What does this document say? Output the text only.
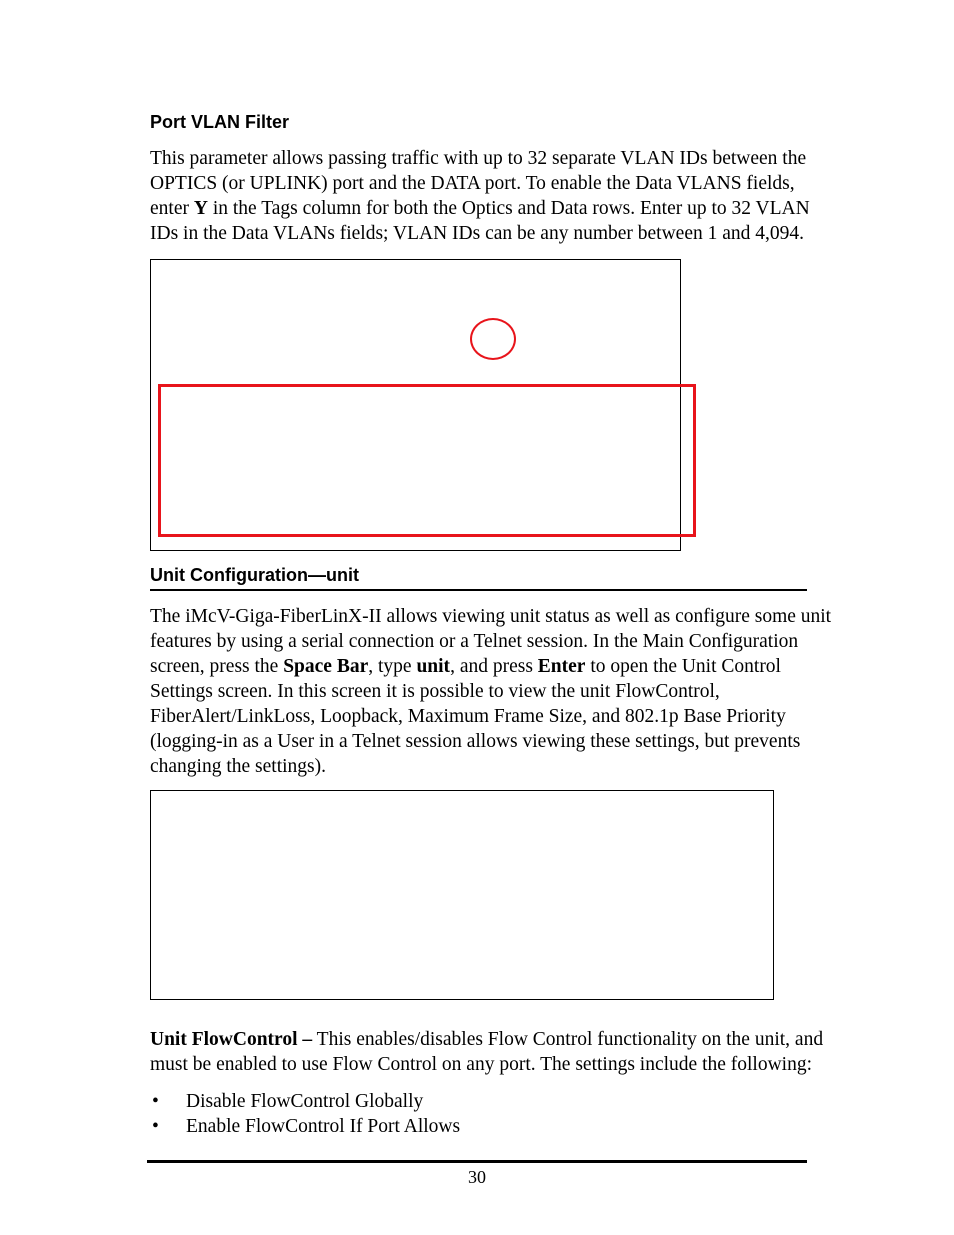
Port VLAN Filter
This parameter allows passing traffic with up to 32 separate VLAN IDs between the
OPTICS (or UPLINK) port and the DATA port. To enable the Data VLANS fields,
enter Y in the Tags column for both the Optics and Data rows. Enter up to 32 VLAN
IDs in the Data VLANs fields; VLAN IDs can be any number between 1 and 4,094.
Unit Configuration—unit
The iMcV-Giga-FiberLinX-II allows viewing unit status as well as configure some unit
features by using a serial connection or a Telnet session. In the Main Configuration
screen, press the Space Bar, type unit, and press Enter to open the Unit Control
Settings screen. In this screen it is possible to view the unit FlowControl,
FiberAlert/LinkLoss, Loopback, Maximum Frame Size, and 802.1p Base Priority
(logging-in as a User in a Telnet session allows viewing these settings, but prevents
changing the settings).
Unit FlowControl – This enables/disables Flow Control functionality on the unit, and
must be enabled to use Flow Control on any port. The settings include the following:
• Disable FlowControl Globally
• Enable FlowControl If Port Allows
30
